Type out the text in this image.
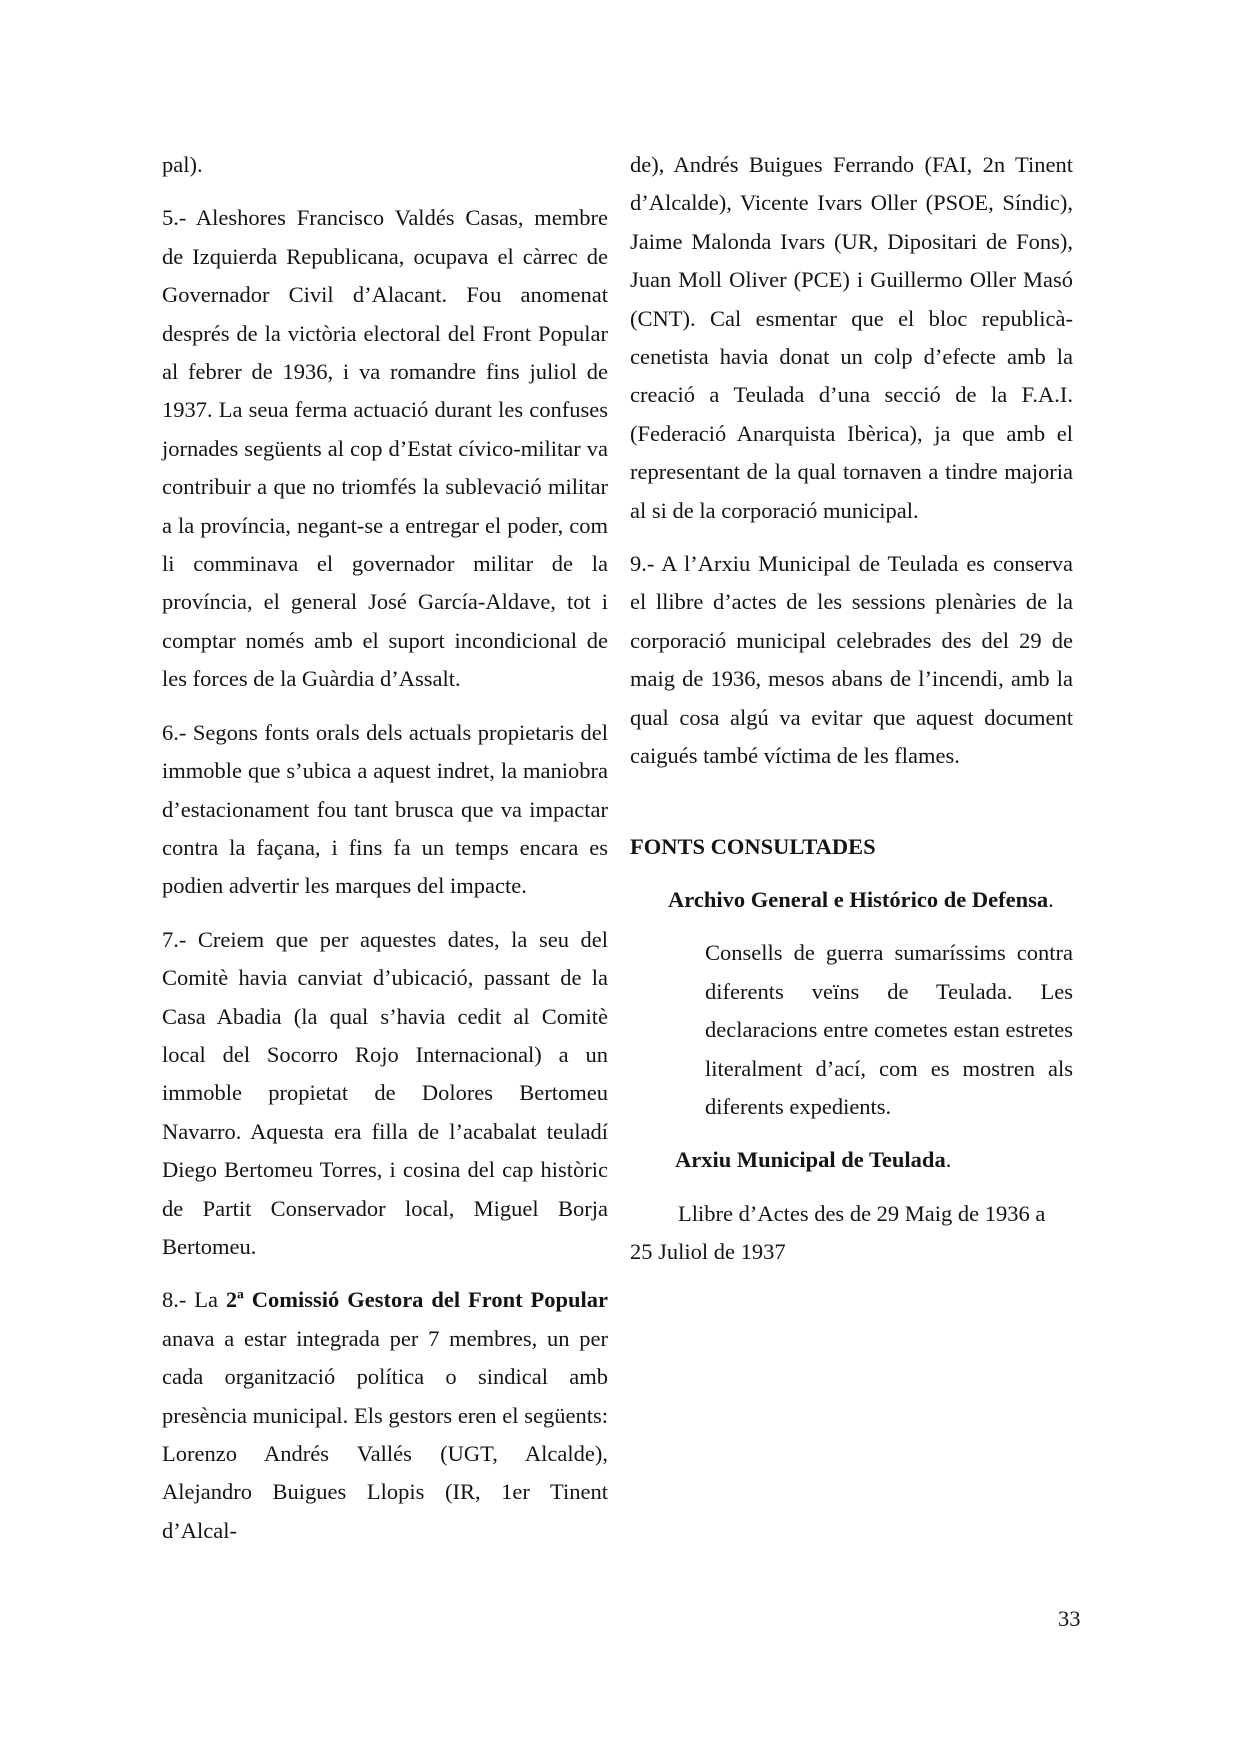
pal).

5.- Aleshores Francisco Valdés Casas, membre de Izquierda Republicana, ocupava el càrrec de Governador Civil d’Alacant. Fou anomenat després de la victòria electoral del Front Popular al febrer de 1936, i va romandre fins juliol de 1937. La seua ferma actuació durant les confuses jornades següents al cop d’Estat cívico-militar va contribuir a que no triomfés la sublevació militar a la província, negant-se a entregar el poder, com li comminava el governador militar de la província, el general José García-Aldave, tot i comptar només amb el suport incondicional de les forces de la Guàrdia d’Assalt.

6.- Segons fonts orals dels actuals propietaris del immoble que s’ubica a aquest indret, la maniobra d’estacionament fou tant brusca que va impactar contra la façana, i fins fa un temps encara es podien advertir les marques del impacte.

7.- Creiem que per aquestes dates, la seu del Comitè havia canviat d’ubicació, passant de la Casa Abadia (la qual s’havia cedit al Comitè local del Socorro Rojo Internacional) a un immoble propietat de Dolores Bertomeu Navarro. Aquesta era filla de l’acabalat teuladí Diego Bertomeu Torres, i cosina del cap històric de Partit Conservador local, Miguel Borja Bertomeu.

8.- La 2ª Comissió Gestora del Front Popular anava a estar integrada per 7 membres, un per cada organització política o sindical amb presència municipal. Els gestors eren el següents: Lorenzo Andrés Vallés (UGT, Alcalde), Alejandro Buigues Llopis (IR, 1er Tinent d’Alcal-

de), Andrés Buigues Ferrando (FAI, 2n Tinent d’Alcalde), Vicente Ivars Oller (PSOE, Síndic), Jaime Malonda Ivars (UR, Dipositari de Fons), Juan Moll Oliver (PCE) i Guillermo Oller Masó (CNT). Cal esmentar que el bloc republicà-cenetista havia donat un colp d’efecte amb la creació a Teulada d’una secció de la F.A.I. (Federació Anarquista Ibèrica), ja que amb el representant de la qual tornaven a tindre majoria al si de la corporació municipal.

9.- A l’Arxiu Municipal de Teulada es conserva el llibre d’actes de les sessions plenàries de la corporació municipal celebrades des del 29 de maig de 1936, mesos abans de l’incendi, amb la qual cosa algú va evitar que aquest document caigués també víctima de les flames.

FONTS CONSULTADES

Archivo General e Histórico de Defensa.

Consells de guerra sumaríssims contra diferents veïns de Teulada. Les declaracions entre cometes estan estretes literalment d’ací, com es mostren als diferents expedients.

Arxiu Municipal de Teulada.

Llibre d’Actes des de 29 Maig de 1936 a 25 Juliol de 1937

33
